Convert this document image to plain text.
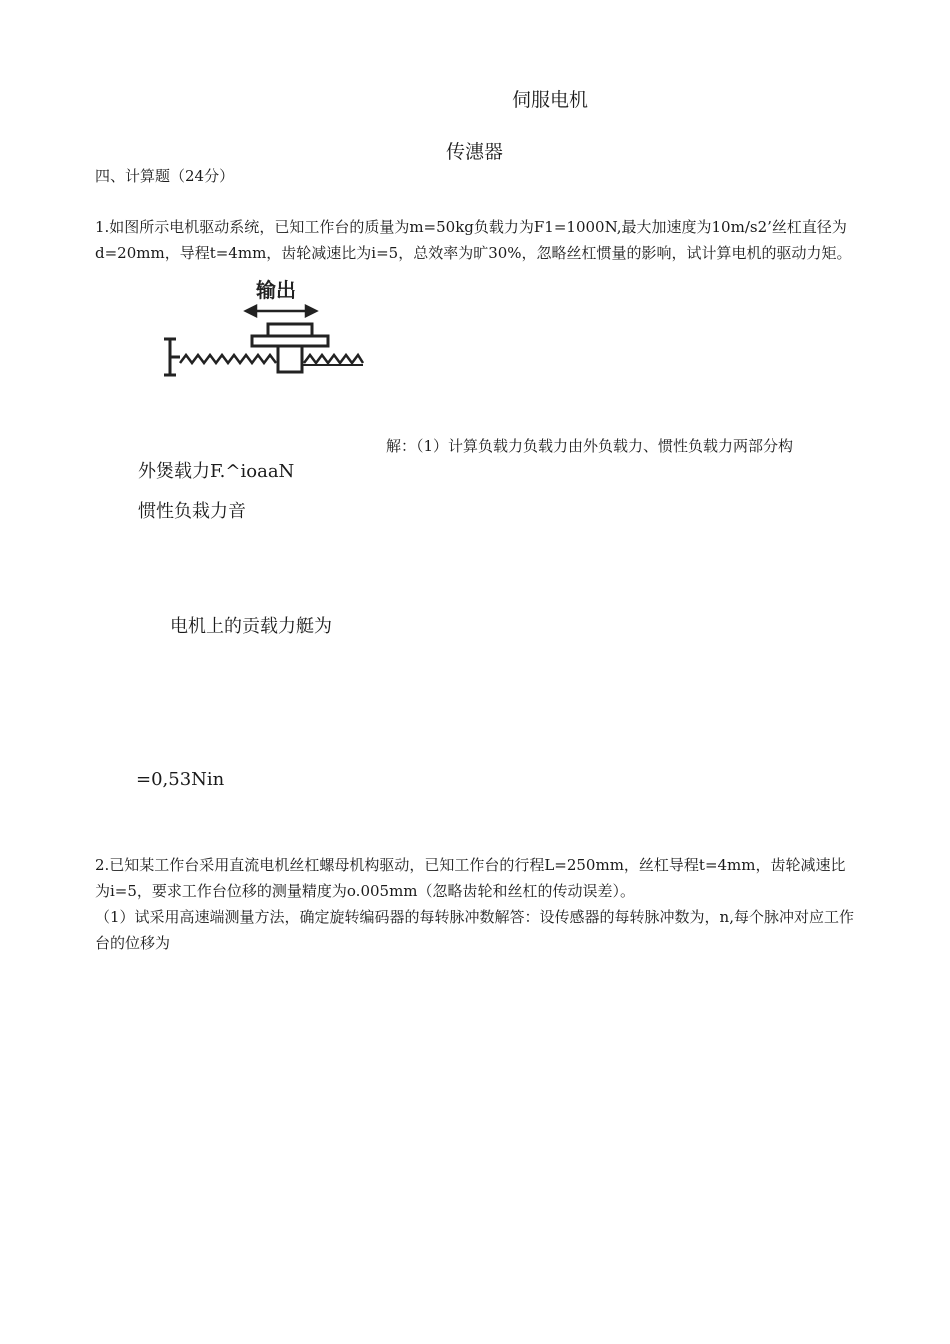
伺服电机
传潓器
四、计算题（24分）
1.如图所示电机驱动系统，已知工作台的质量为m=50kg负载力为F1=1000N,最大加速度为10m/s2’丝杠直径为d=20mm，导程t=4mm，齿轮减速比为i=5，总效率为旷30%，忽略丝杠惯量的影响，试计算电机的驱动力矩。
输出
解：（1）计算负载力负载力由外负载力、惯性负载力两部分构
外煲载力F.^ioaaN
惯性负栽力音
电机上的贡载力艇为
=0,53Nin
2.已知某工作台采用直流电机丝杠螺母机构驱动，已知工作台的行程L=250mm，丝杠导程t=4mm，齿轮减速比为i=5，要求工作台位移的测量精度为o.005mm（忽略齿轮和丝杠的传动误差）。
（1）试采用高速端测量方法，确定旋转编码器的每转脉冲数解答：设传感器的每转脉冲数为，n,每个脉冲对应工作台的位移为
